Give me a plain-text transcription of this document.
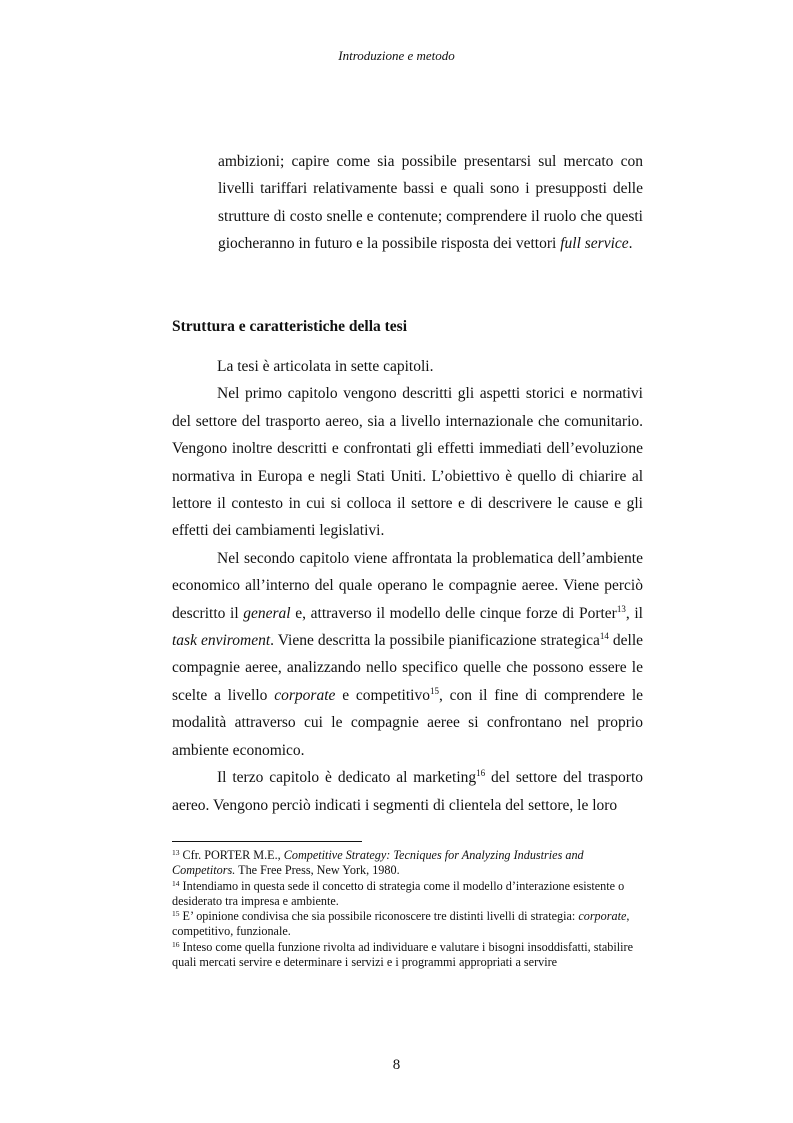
Introduzione e metodo

ambizioni; capire come sia possibile presentarsi sul mercato con livelli tariffari relativamente bassi e quali sono i presupposti delle strutture di costo snelle e contenute; comprendere il ruolo che questi giocheranno in futuro e la possibile risposta dei vettori full service.

Struttura e caratteristiche della tesi

La tesi è articolata in sette capitoli.

Nel primo capitolo vengono descritti gli aspetti storici e normativi del settore del trasporto aereo, sia a livello internazionale che comunitario. Vengono inoltre descritti e confrontati gli effetti immediati dell’evoluzione normativa in Europa e negli Stati Uniti. L’obiettivo è quello di chiarire al lettore il contesto in cui si colloca il settore e di descrivere le cause e gli effetti dei cambiamenti legislativi.

Nel secondo capitolo viene affrontata la problematica dell’ambiente economico all’interno del quale operano le compagnie aeree. Viene perciò descritto il general e, attraverso il modello delle cinque forze di Porter$^{13}$, il task enviroment. Viene descritta la possibile pianificazione strategica$^{14}$ delle compagnie aeree, analizzando nello specifico quelle che possono essere le scelte a livello corporate e competitivo$^{15}$, con il fine di comprendere le modalità attraverso cui le compagnie aeree si confrontano nel proprio ambiente economico.

Il terzo capitolo è dedicato al marketing$^{16}$ del settore del trasporto aereo. Vengono perciò indicati i segmenti di clientela del settore, le loro

$^{13}$ Cfr. PORTER M.E., Competitive Strategy: Tecniques for Analyzing Industries and Competitors. The Free Press, New York, 1980.

$^{14}$ Intendiamo in questa sede il concetto di strategia come il modello d’interazione esistente o desiderato tra impresa e ambiente.

$^{15}$ E’ opinione condivisa che sia possibile riconoscere tre distinti livelli di strategia: corporate, competitivo, funzionale.

$^{16}$ Inteso come quella funzione rivolta ad individuare e valutare i bisogni insoddisfatti, stabilire quali mercati servire e determinare i servizi e i programmi appropriati a servire

8
